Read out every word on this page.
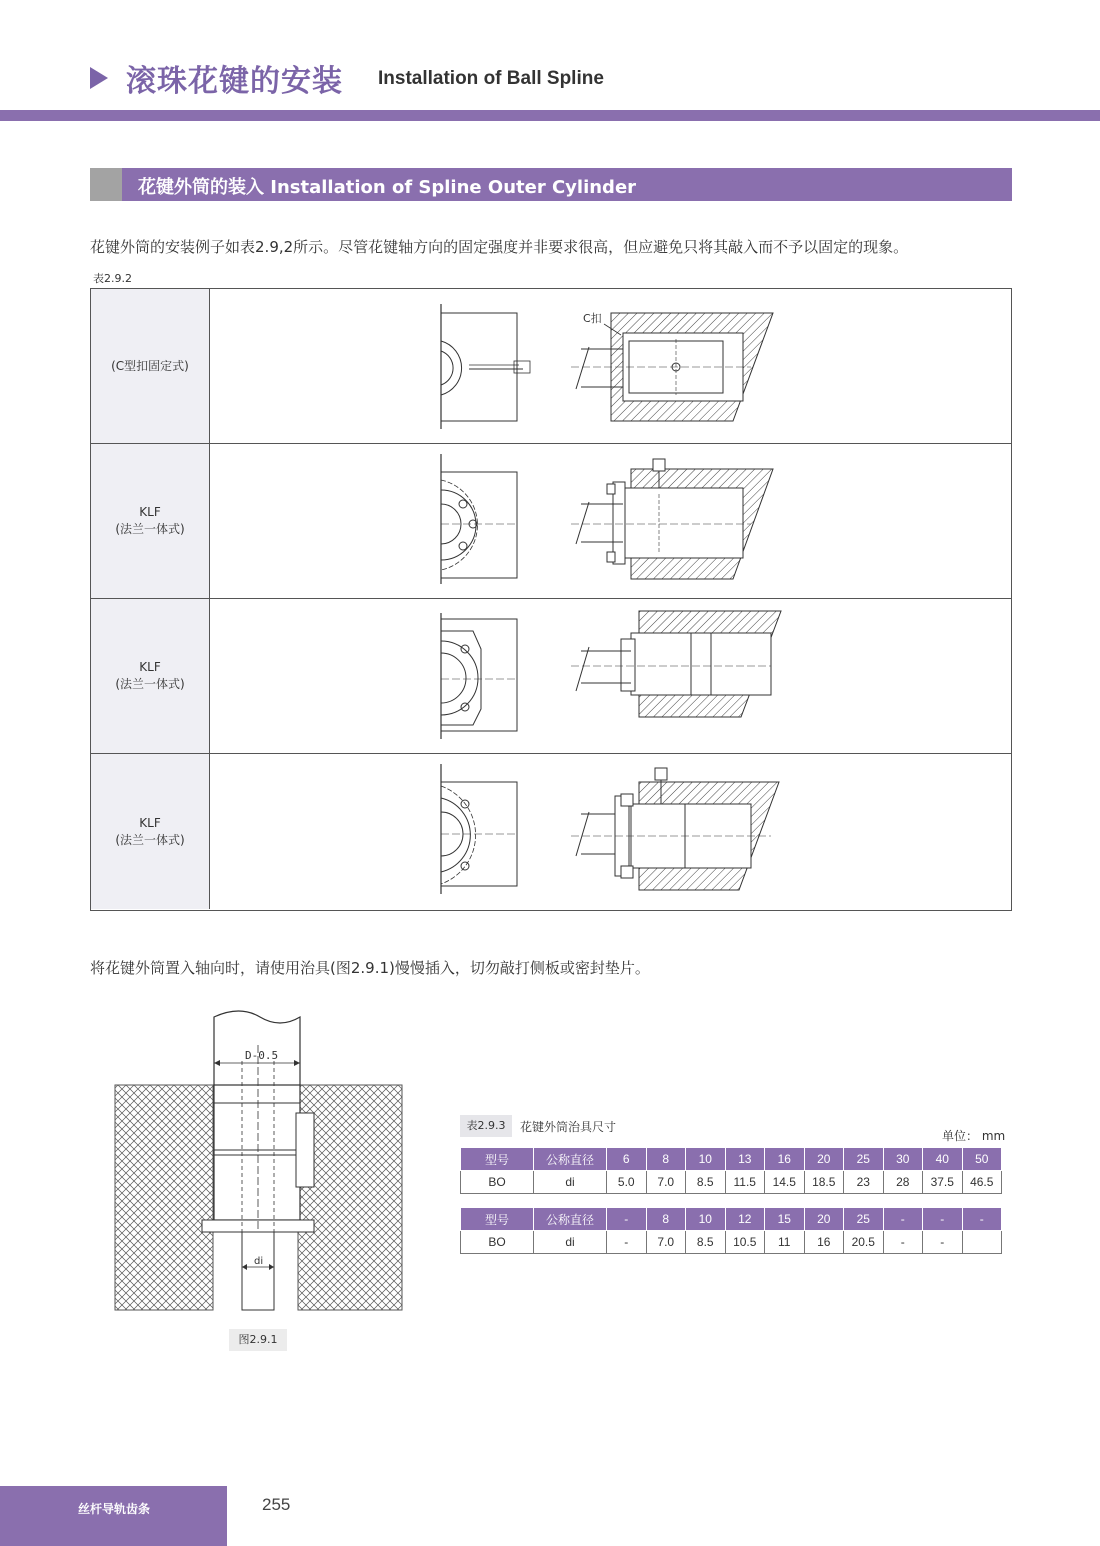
滚珠花键的安装 Installation of Ball Spline
花键外筒的装入 Installation of Spline Outer Cylinder
花键外筒的安装例子如表2.9,2所示。尽管花键轴方向的固定强度并非要求很高，但应避免只将其敲入而不予以固定的现象。
表2.9.2
(C型扣固定式)
C扣
KLF
(法兰一体式)
KLF
(法兰一体式)
KLF
(法兰一体式)
将花键外筒置入轴向时，请使用治具(图2.9.1)慢慢插入，切勿敲打侧板或密封垫片。
D-0.5
di
图2.9.1
表2.9.3	花键外筒治具尺寸
单位： mm
型号	公称直径	6	8	10	13	16	20	25	30	40	50
BO	di	5.0	7.0	8.5	11.5	14.5	18.5	23	28	37.5	46.5
型号	公称直径	-	8	10	12	15	20	25	-	-	-
BO	di	-	7.0	8.5	10.5	11	16	20.5	-	-	
丝杆导轨齿条	255
